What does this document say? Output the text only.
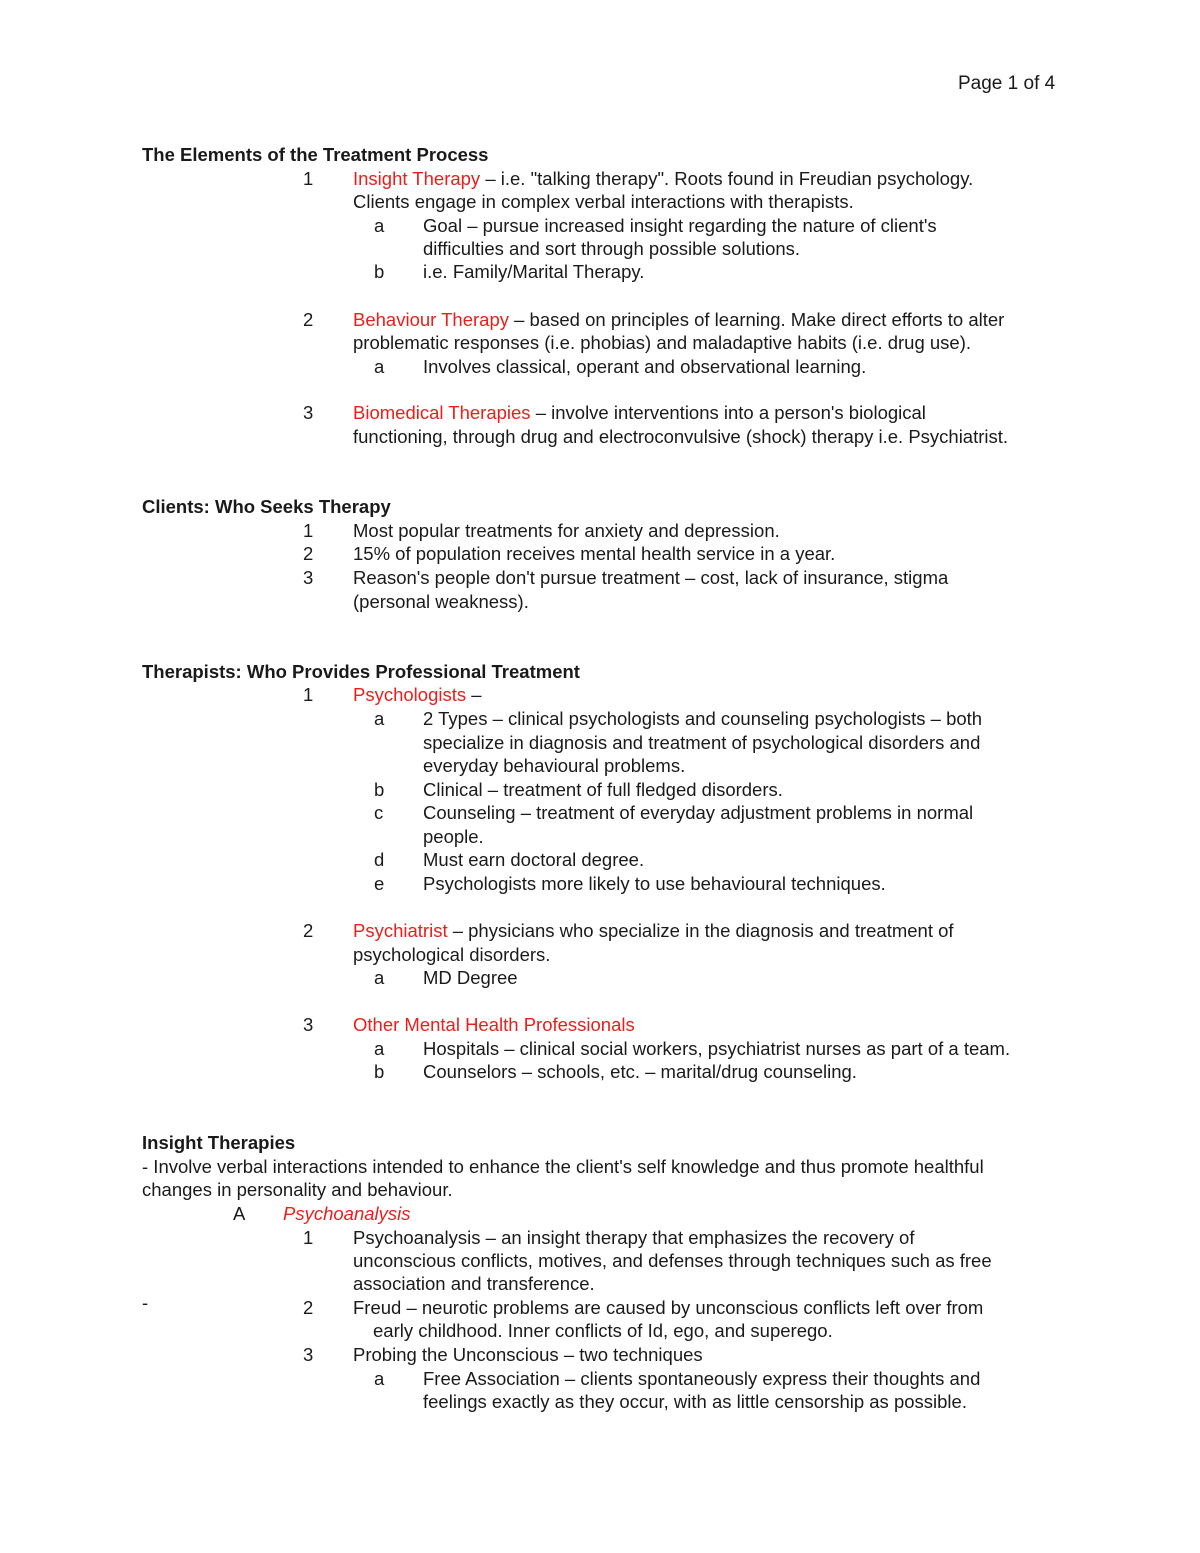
Page 1 of 4
The Elements of the Treatment Process
1 Insight Therapy – i.e. "talking therapy". Roots found in Freudian psychology.
Clients engage in complex verbal interactions with therapists.
a Goal – pursue increased insight regarding the nature of client's
difficulties and sort through possible solutions.
b i.e. Family/Marital Therapy.
2 Behaviour Therapy – based on principles of learning. Make direct efforts to alter
problematic responses (i.e. phobias) and maladaptive habits (i.e. drug use).
a Involves classical, operant and observational learning.
3 Biomedical Therapies – involve interventions into a person's biological
functioning, through drug and electroconvulsive (shock) therapy i.e. Psychiatrist.
Clients: Who Seeks Therapy
1 Most popular treatments for anxiety and depression.
2 15% of population receives mental health service in a year.
3 Reason's people don't pursue treatment – cost, lack of insurance, stigma
(personal weakness).
Therapists: Who Provides Professional Treatment
1 Psychologists –
a 2 Types – clinical psychologists and counseling psychologists – both
specialize in diagnosis and treatment of psychological disorders and
everyday behavioural problems.
b Clinical – treatment of full fledged disorders.
c Counseling – treatment of everyday adjustment problems in normal
people.
d Must earn doctoral degree.
e Psychologists more likely to use behavioural techniques.
2 Psychiatrist – physicians who specialize in the diagnosis and treatment of
psychological disorders.
a MD Degree
3 Other Mental Health Professionals
a Hospitals – clinical social workers, psychiatrist nurses as part of a team.
b Counselors – schools, etc. – marital/drug counseling.
Insight Therapies
- Involve verbal interactions intended to enhance the client's self knowledge and thus promote healthful
changes in personality and behaviour.
A Psychoanalysis
1 Psychoanalysis – an insight therapy that emphasizes the recovery of
unconscious conflicts, motives, and defenses through techniques such as free
association and transference.
-	2 Freud – neurotic problems are caused by unconscious conflicts left over from
early childhood. Inner conflicts of Id, ego, and superego.
3 Probing the Unconscious – two techniques
a Free Association – clients spontaneously express their thoughts and
feelings exactly as they occur, with as little censorship as possible.
